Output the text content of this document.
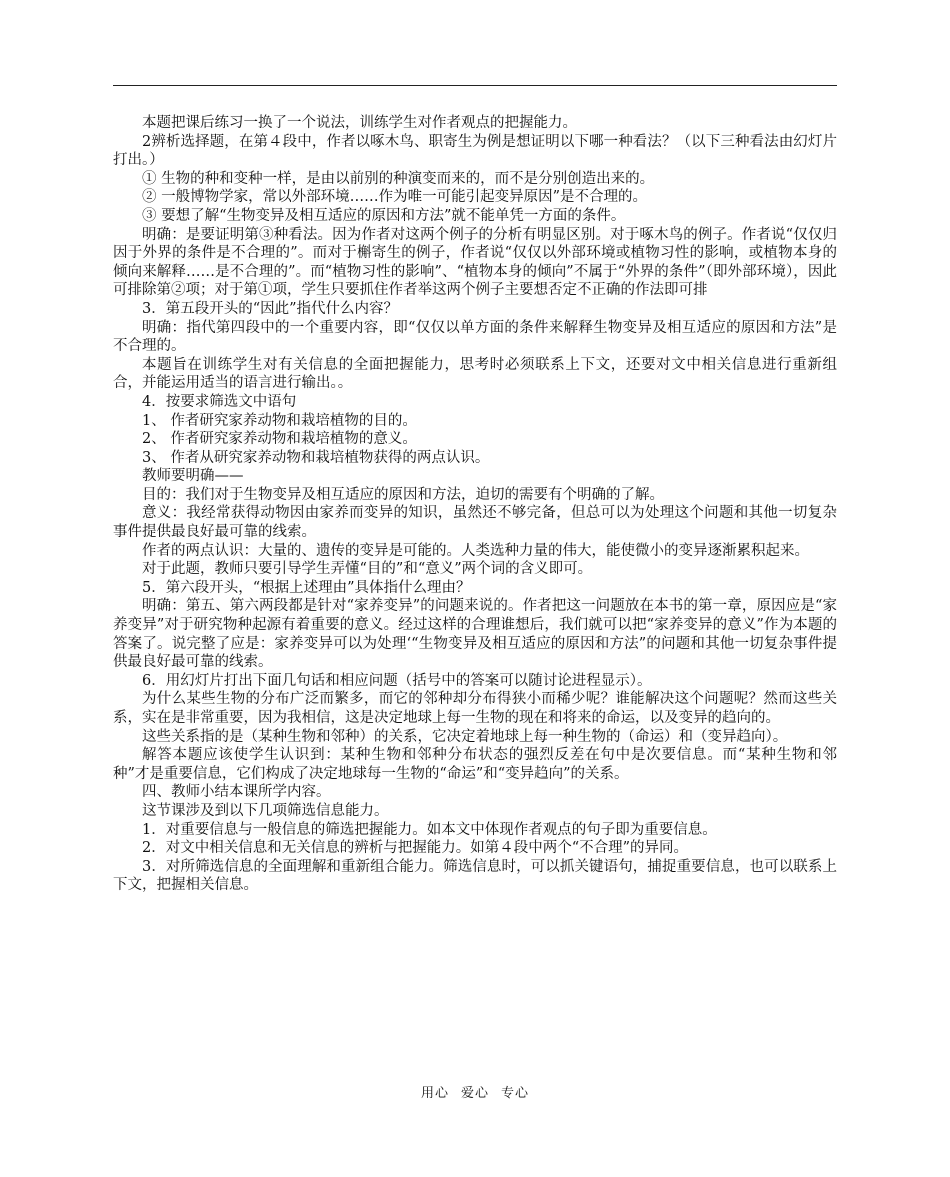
本题把课后练习一换了一个说法，训练学生对作者观点的把握能力。

2辨析选择题，在第４段中，作者以啄木鸟、职寄生为例是想证明以下哪一种看法？（以下三种看法由幻灯片打出。）

① 生物的种和变种一样，是由以前别的种演变而来的，而不是分别创造出来的。

② 一般博物学家，常以外部环境……作为唯一可能引起变异原因”是不合理的。

③ 要想了解“生物变异及相互适应的原因和方法”就不能单凭一方面的条件。

明确：是要证明第③种看法。因为作者对这两个例子的分析有明显区别。对于啄木鸟的例子。作者说“仅仅归因于外界的条件是不合理的”。而对于槲寄生的例子，作者说“仅仅以外部环境或植物习性的影响，或植物本身的倾向来解释……是不合理的”。而“植物习性的影响”、“植物本身的倾向”不属于“外界的条件”（即外部环境），因此可排除第②项；对于第①项，学生只要抓住作者举这两个例子主要想否定不正确的作法即可排

3．第五段开头的“因此”指代什么内容？

明确：指代第四段中的一个重要内容，即“仅仅以单方面的条件来解释生物变异及相互适应的原因和方法”是不合理的。

本题旨在训练学生对有关信息的全面把握能力，思考时必须联系上下文，还要对文中相关信息进行重新组合，并能运用适当的语言进行输出。。

4．按要求筛选文中语句

1、 作者研究家养动物和栽培植物的目的。

2、 作者研究家养动物和栽培植物的意义。

3、 作者从研究家养动物和栽培植物获得的两点认识。

教师要明确——

目的：我们对于生物变异及相互适应的原因和方法，迫切的需要有个明确的了解。

意义：我经常获得动物因由家养而变异的知识，虽然还不够完备，但总可以为处理这个问题和其他一切复杂事件提供最良好最可靠的线索。

作者的两点认识：大量的、遗传的变异是可能的。人类选种力量的伟大，能使微小的变异逐渐累积起来。

对于此题，教师只要引导学生弄懂“目的”和“意义”两个词的含义即可。

5．第六段开头，“根据上述理由”具体指什么理由？

明确：第五、第六两段都是针对“家养变异”的问题来说的。作者把这一问题放在本书的第一章，原因应是“家养变异”对于研究物种起源有着重要的意义。经过这样的合理谁想后，我们就可以把“家养变异的意义”作为本题的答案了。说完整了应是：家养变异可以为处理‘“生物变异及相互适应的原因和方法”的问题和其他一切复杂事件提供最良好最可靠的线索。

6．用幻灯片打出下面几句话和相应问题（括号中的答案可以随讨论进程显示）。

为什么某些生物的分布广泛而繁多，而它的邻种却分布得狭小而稀少呢？谁能解决这个问题呢？然而这些关系，实在是非常重要，因为我相信，这是决定地球上每一生物的现在和将来的命运，以及变异的趋向的。

这些关系指的是（某种生物和邻种）的关系，它决定着地球上每一种生物的（命运）和（变异趋向）。

解答本题应该使学生认识到：某种生物和邻种分布状态的强烈反差在句中是次要信息。而“某种生物和邻种”才是重要信息，它们构成了决定地球每一生物的“命运”和“变异趋向”的关系。

四、教师小结本课所学内容。

这节课涉及到以下几项筛选信息能力。

1．对重要信息与一般信息的筛选把握能力。如本文中体现作者观点的句子即为重要信息。

2．对文中相关信息和无关信息的辨析与把握能力。如第４段中两个“不合理”的异同。

3．对所筛选信息的全面理解和重新组合能力。筛选信息时，可以抓关键语句，捕捉重要信息，也可以联系上下文，把握相关信息。

用心 爱心 专心
